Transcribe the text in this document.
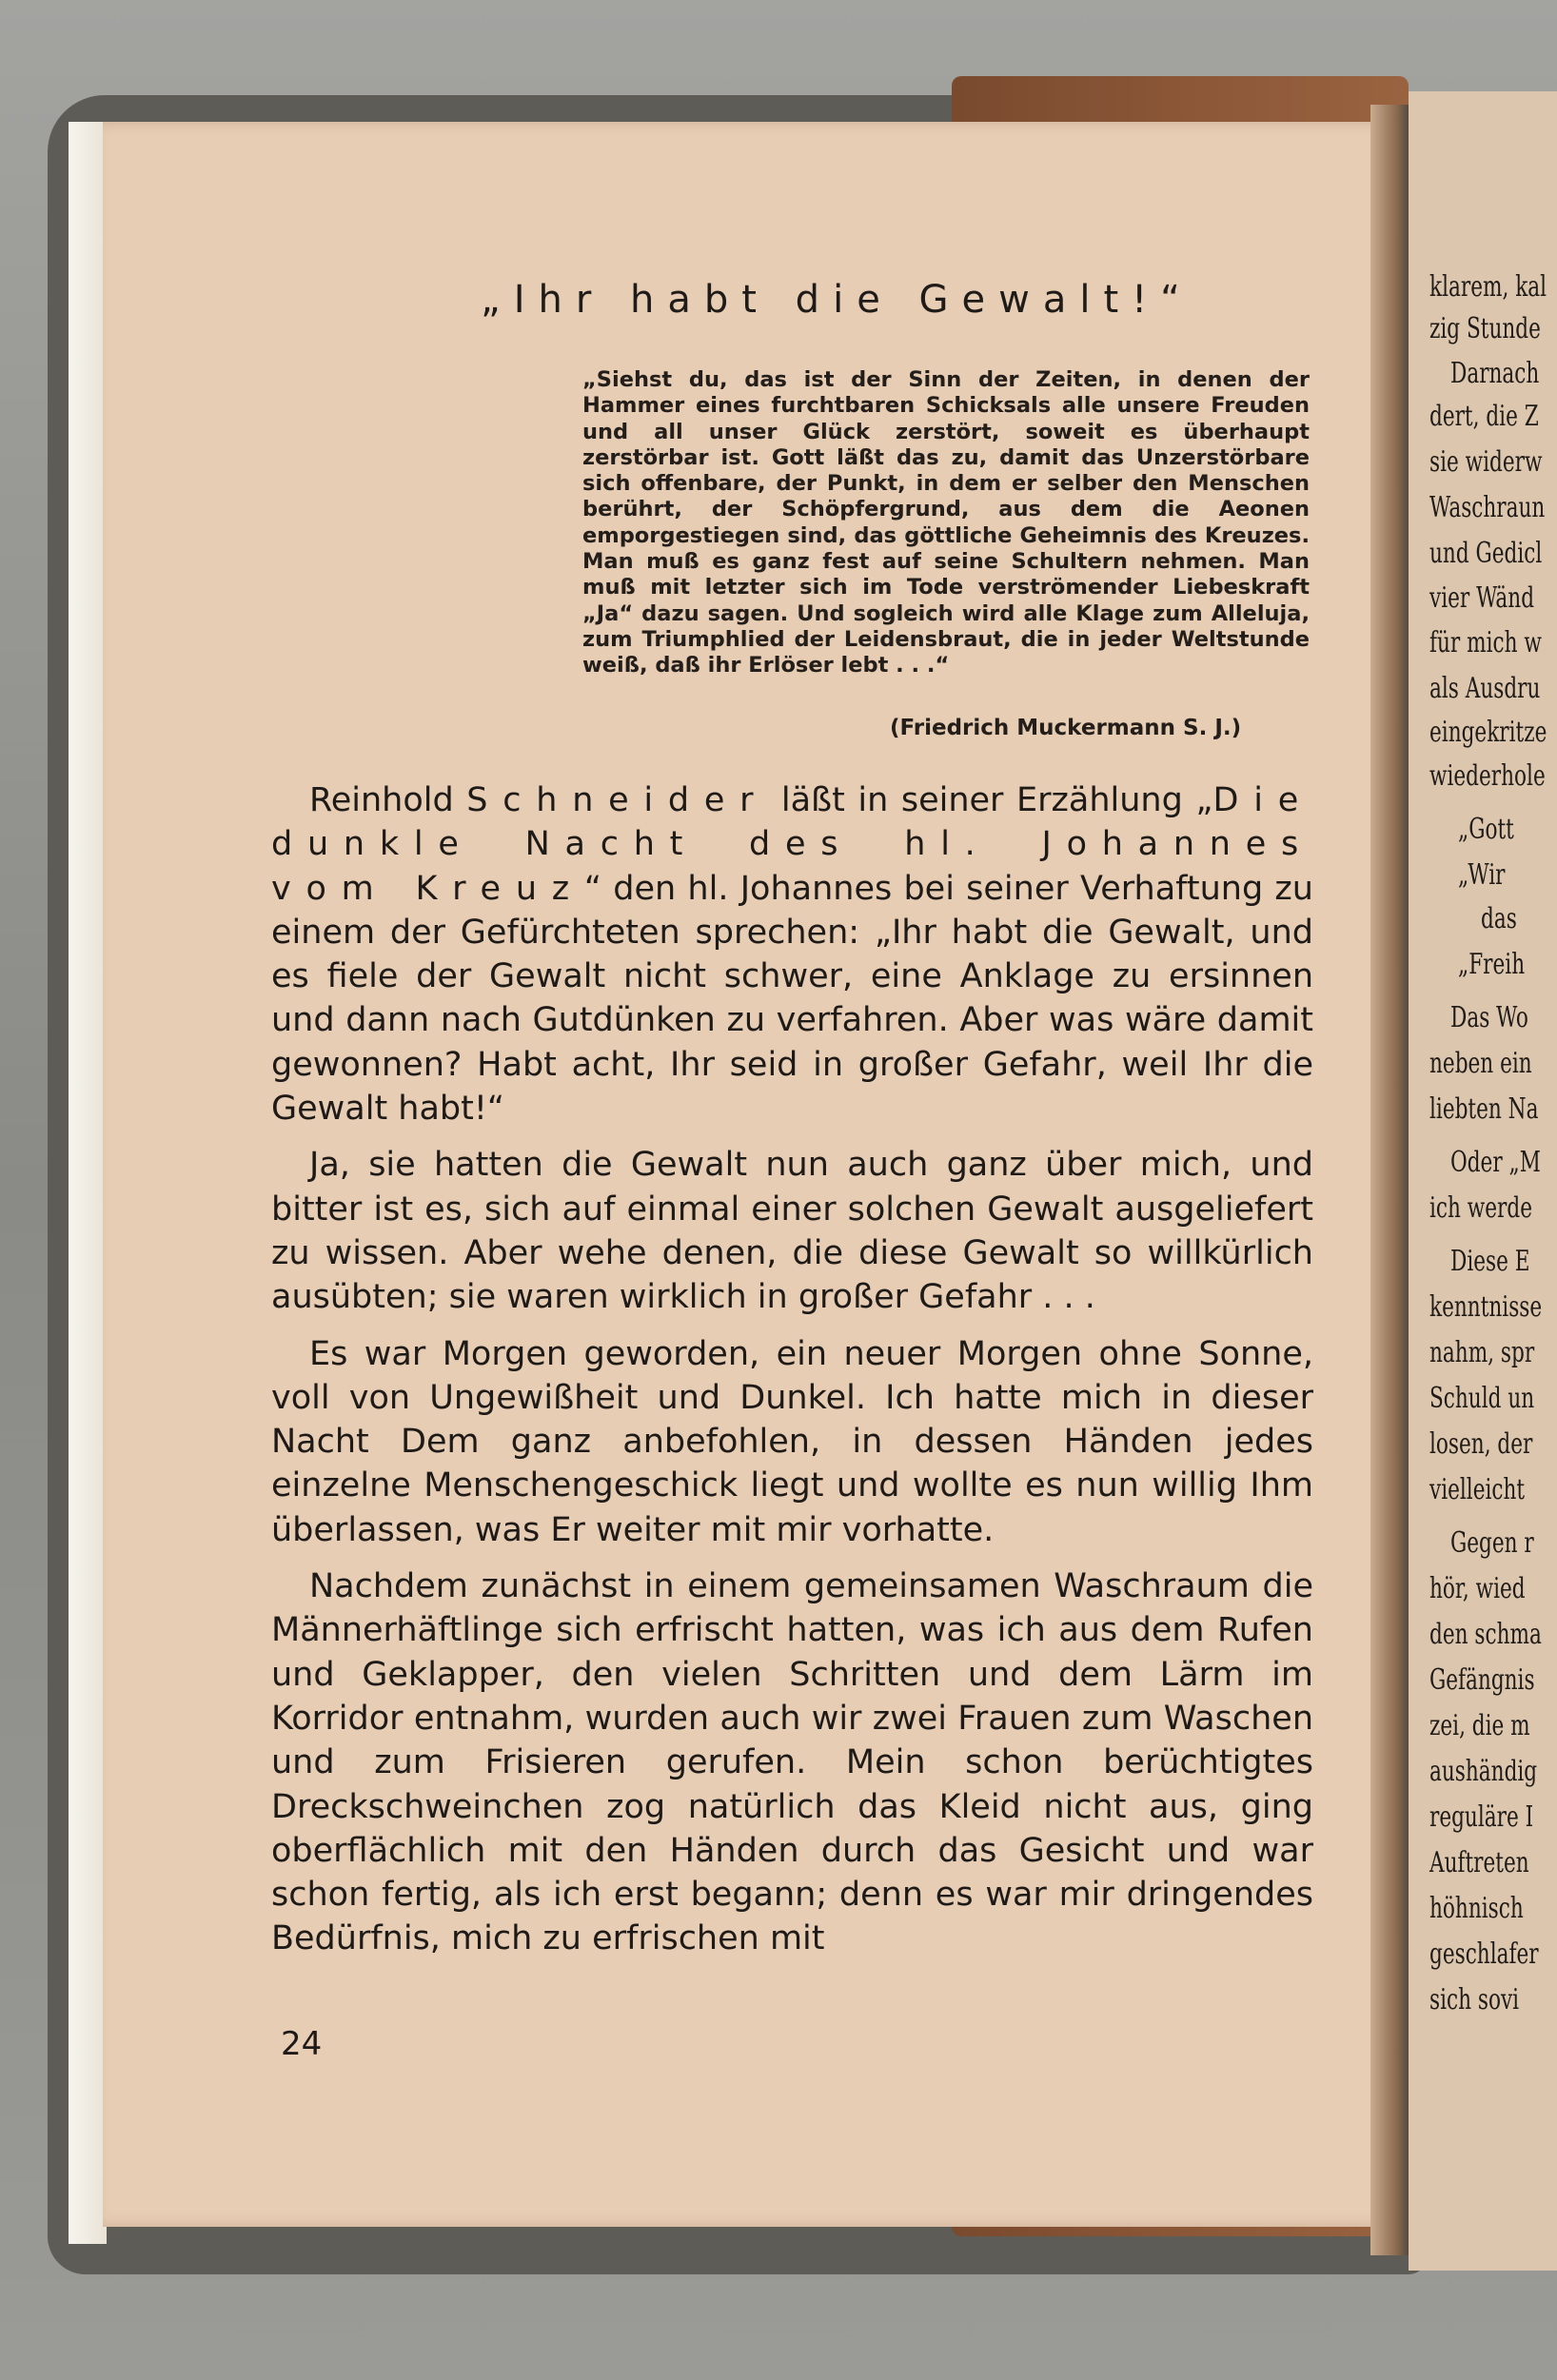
„Ihr habt die Gewalt!“
„Siehst du, das ist der Sinn der Zeiten, in denen der Hammer eines furchtbaren Schicksals alle unsere Freuden und all unser Glück zerstört, soweit es überhaupt zerstörbar ist. Gott läßt das zu, damit das Unzerstörbare sich offenbare, der Punkt, in dem er selber den Menschen berührt, der Schöpfergrund, aus dem die Aeonen emporgestiegen sind, das göttliche Geheimnis des Kreuzes. Man muß es ganz fest auf seine Schultern nehmen. Man muß mit letzter sich im Tode verströmender Liebeskraft „Ja“ dazu sagen. Und sogleich wird alle Klage zum Alleluja, zum Triumphlied der Leidensbraut, die in jeder Weltstunde weiß, daß ihr Erlöser lebt . . .“
(Friedrich Muckermann S. J.)

Reinhold Schneider läßt in seiner Erzählung „Die dunkle Nacht des hl. Johannes vom Kreuz“ den hl. Johannes bei seiner Verhaftung zu einem der Gefürchteten sprechen: „Ihr habt die Gewalt, und es fiele der Gewalt nicht schwer, eine Anklage zu ersinnen und dann nach Gutdünken zu verfahren. Aber was wäre damit gewonnen? Habt acht, Ihr seid in großer Gefahr, weil Ihr die Gewalt habt!“

Ja, sie hatten die Gewalt nun auch ganz über mich, und bitter ist es, sich auf einmal einer solchen Gewalt ausgeliefert zu wissen. Aber wehe denen, die diese Gewalt so willkürlich ausübten; sie waren wirklich in großer Gefahr . . .

Es war Morgen geworden, ein neuer Morgen ohne Sonne, voll von Ungewißheit und Dunkel. Ich hatte mich in dieser Nacht Dem ganz anbefohlen, in dessen Händen jedes einzelne Menschengeschick liegt und wollte es nun willig Ihm überlassen, was Er weiter mit mir vorhatte.

Nachdem zunächst in einem gemeinsamen Waschraum die Männerhäftlinge sich erfrischt hatten, was ich aus dem Rufen und Geklapper, den vielen Schritten und dem Lärm im Korridor entnahm, wurden auch wir zwei Frauen zum Waschen und zum Frisieren gerufen. Mein schon berüchtigtes Dreckschweinchen zog natürlich das Kleid nicht aus, ging oberflächlich mit den Händen durch das Gesicht und war schon fertig, als ich erst begann; denn es war mir dringendes Bedürfnis, mich zu erfrischen mit

24
klarem, kal
zig Stunde
Darnach
dert, die Z
sie widerw
Waschraun
und Gedicl
vier Wänd
für mich w
als Ausdru
eingekritze
wiederhole
„Gott
„Wir
das
„Freih
Das Wo
neben ein
liebten Na
Oder „M
ich werde
Diese E
kenntnisse
nahm, spr
Schuld un
losen, der
vielleicht
Gegen r
hör, wied
den schma
Gefängnis
zei, die m
aushändig
reguläre I
Auftreten
höhnisch
geschlafer
sich sovi
